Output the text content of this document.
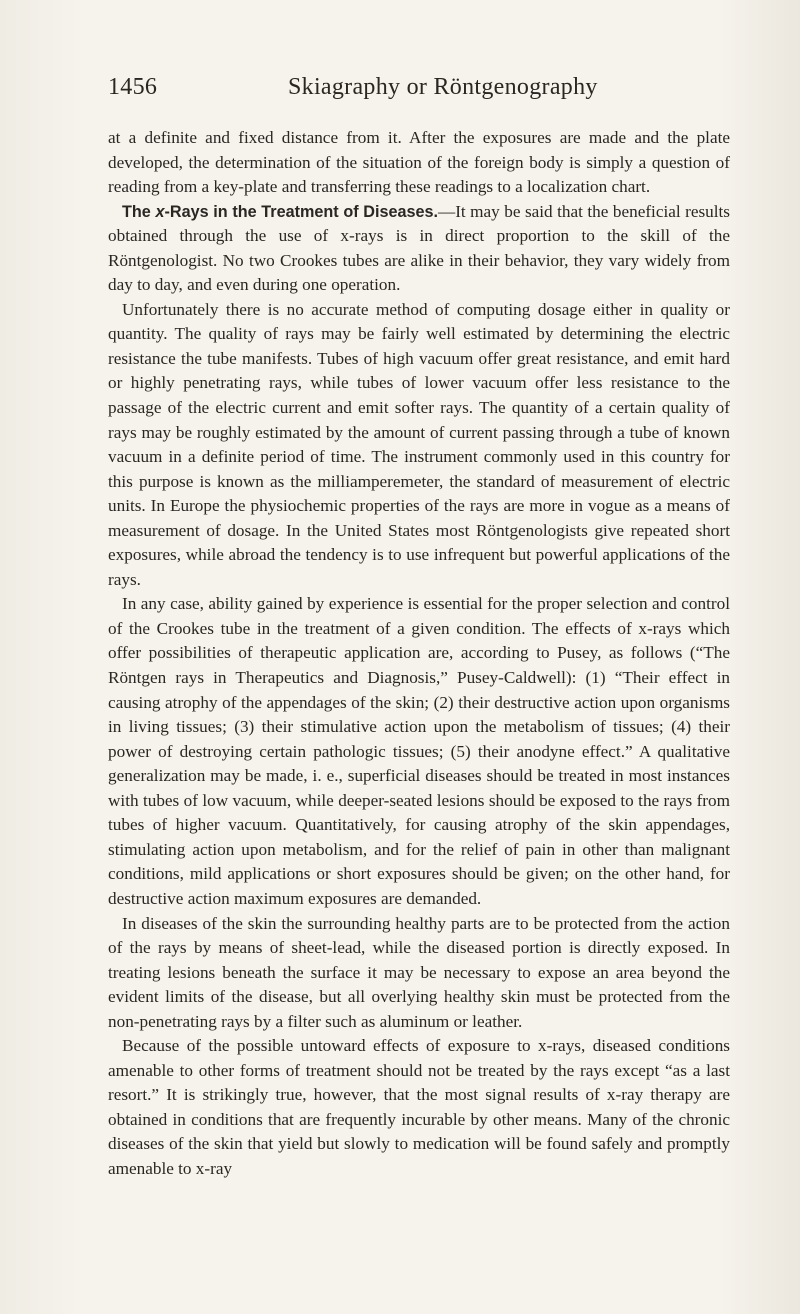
1456	Skiagraphy or Röntgenography

at a definite and fixed distance from it. After the exposures are made and the plate developed, the determination of the situation of the foreign body is simply a question of reading from a key-plate and transferring these readings to a localization chart.

The x-Rays in the Treatment of Diseases.—It may be said that the beneficial results obtained through the use of x-rays is in direct proportion to the skill of the Röntgenologist. No two Crookes tubes are alike in their behavior, they vary widely from day to day, and even during one operation.

Unfortunately there is no accurate method of computing dosage either in quality or quantity. The quality of rays may be fairly well estimated by determining the electric resistance the tube manifests. Tubes of high vacuum offer great resistance, and emit hard or highly penetrating rays, while tubes of lower vacuum offer less resistance to the passage of the electric current and emit softer rays. The quantity of a certain quality of rays may be roughly estimated by the amount of current passing through a tube of known vacuum in a definite period of time. The instrument commonly used in this country for this purpose is known as the milliamperemeter, the standard of measurement of electric units. In Europe the physiochemic properties of the rays are more in vogue as a means of measurement of dosage. In the United States most Röntgenologists give repeated short exposures, while abroad the tendency is to use infrequent but powerful applications of the rays.

In any case, ability gained by experience is essential for the proper selection and control of the Crookes tube in the treatment of a given condition. The effects of x-rays which offer possibilities of therapeutic application are, according to Pusey, as follows (“The Röntgen rays in Therapeutics and Diagnosis,” Pusey-Caldwell): (1) “Their effect in causing atrophy of the appendages of the skin; (2) their destructive action upon organisms in living tissues; (3) their stimulative action upon the metabolism of tissues; (4) their power of destroying certain pathologic tissues; (5) their anodyne effect.” A qualitative generalization may be made, i. e., superficial diseases should be treated in most instances with tubes of low vacuum, while deeper-seated lesions should be exposed to the rays from tubes of higher vacuum. Quantitatively, for causing atrophy of the skin appendages, stimulating action upon metabolism, and for the relief of pain in other than malignant conditions, mild applications or short exposures should be given; on the other hand, for destructive action maximum exposures are demanded.

In diseases of the skin the surrounding healthy parts are to be protected from the action of the rays by means of sheet-lead, while the diseased portion is directly exposed. In treating lesions beneath the surface it may be necessary to expose an area beyond the evident limits of the disease, but all overlying healthy skin must be protected from the non-penetrating rays by a filter such as aluminum or leather.

Because of the possible untoward effects of exposure to x-rays, diseased conditions amenable to other forms of treatment should not be treated by the rays except “as a last resort.” It is strikingly true, however, that the most signal results of x-ray therapy are obtained in conditions that are frequently incurable by other means. Many of the chronic diseases of the skin that yield but slowly to medication will be found safely and promptly amenable to x-ray
